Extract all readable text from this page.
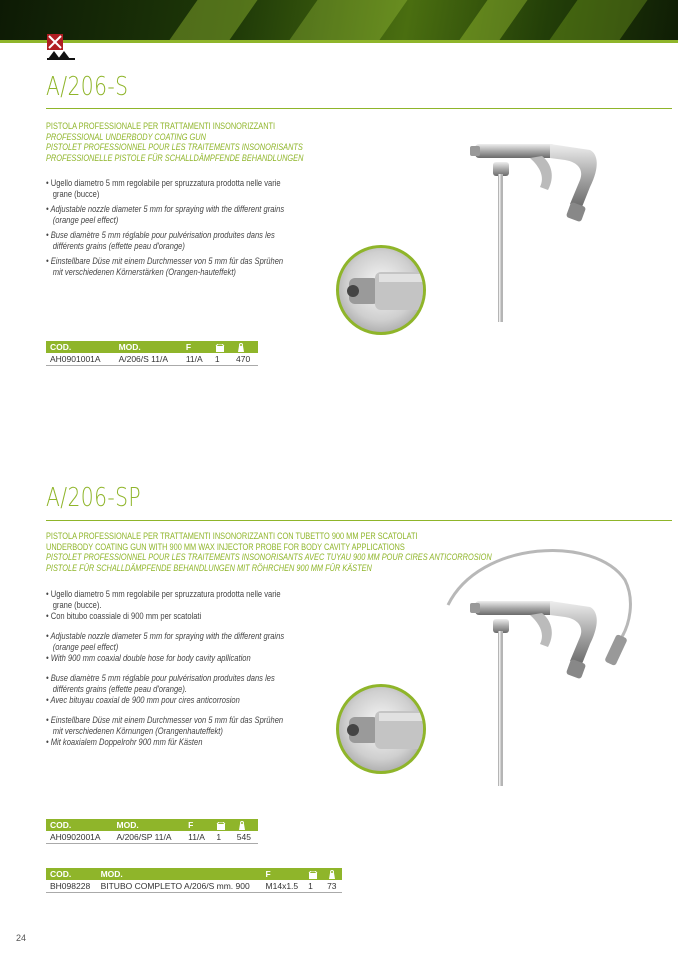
A/206-S
PISTOLA PROFESSIONALE PER TRATTAMENTI INSONORIZZANTI
PROFESSIONAL UNDERBODY COATING GUN
PISTOLET PROFESSIONNEL POUR LES TRAITEMENTS INSONORISANTS
PROFESSIONELLE PISTOLE FÜR SCHALLDÄMPFENDE BEHANDLUNGEN
• Ugello diametro 5 mm regolabile per spruzzatura prodotta nelle varie grane (bucce)
• Adjustable nozzle diameter 5 mm for spraying with the different grains (orange peel effect)
• Buse diamètre 5 mm réglable pour pulvérisation produites dans les différents grains (effette peau d'orange)
• Einstellbare Düse mit einem Durchmesser von 5 mm für das Sprühen mit verschiedenen Körnerstärken (Orangen-hauteffekt)
COD.	MOD.	F		
AH0901001A	A/206/S 11/A	11/A	1	470
A/206-SP
PISTOLA PROFESSIONALE PER TRATTAMENTI INSONORIZZANTI CON TUBETTO 900 MM PER SCATOLATI
UNDERBODY COATING GUN WITH 900 MM WAX INJECTOR PROBE FOR BODY CAVITY APPLICATIONS
PISTOLET PROFESSIONNEL POUR LES TRAITEMENTS INSONORISANTS AVEC TUYAU 900 MM POUR CIRES ANTICORROSION
PISTOLE FÜR SCHALLDÄMPFENDE BEHANDLUNGEN MIT RÖHRCHEN 900 MM FÜR KÄSTEN
• Ugello diametro 5 mm regolabile per spruzzatura prodotta nelle varie grane (bucce).
• Con bitubo coassiale di 900 mm per scatolati
• Adjustable nozzle diameter 5 mm for spraying with the different grains (orange peel effect)
• With 900 mm coaxial double hose for body cavity apllication
• Buse diamètre 5 mm réglable pour pulvérisation produites dans les différents grains (effette peau d'orange).
• Avec bituyau coaxial de 900 mm pour cires anticorrosion
• Einstellbare Düse mit einem Durchmesser von 5 mm für das Sprühen mit verschiedenen Körnungen (Orangenhauteffekt)
• Mit koaxialem Doppelrohr 900 mm für Kästen
COD.	MOD.	F		
AH0902001A	A/206/SP 11/A	11/A	1	545
COD.	MOD.	F		
BH098228	BITUBO COMPLETO A/206/S mm. 900	M14x1.5	1	73
24
